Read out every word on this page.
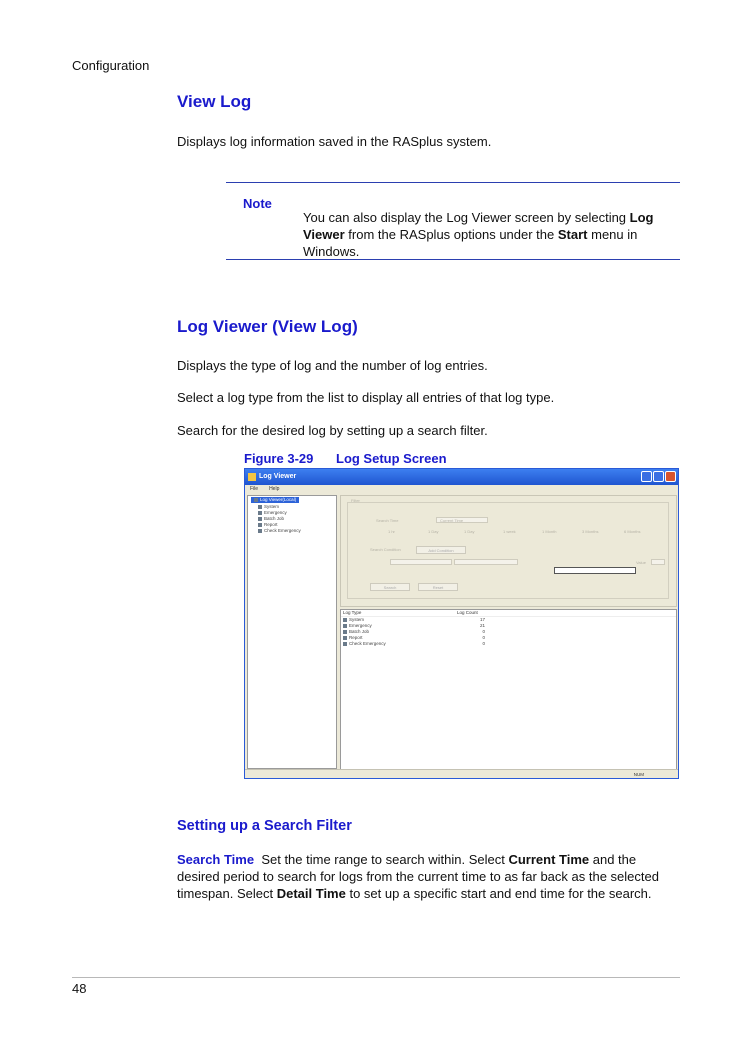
Configuration
View Log

Displays log information saved in the RASplus system.

Note

You can also display the Log Viewer screen by selecting Log Viewer from the RASplus options under the Start menu in Windows.

Log Viewer (View Log)

Displays the type of log and the number of log entries.

Select a log type from the list to display all entries of that log type.

Search for the desired log by setting up a search filter.

Figure 3-29 Log Setup Screen
Log Viewer
File Help
Log Viewer(Local)
System
Emergency
Batch Job
Report
Check Emergency
Filter
Search Time	Current Time
1 hr	1 Day	1 Day	1 week	1 Month	3 Months	6 Months
Search Condition	Add Condition
Value
Search	Reset
Log Type	Log Count
System	17
Emergency	21
Batch Job	0
Report	0
Check Emergency	0
NUM
Setting up a Search Filter

Search Time  Set the time range to search within. Select Current Time and the desired period to search for logs from the current time to as far back as the selected timespan. Select Detail Time to set up a specific start and end time for the search.

48
